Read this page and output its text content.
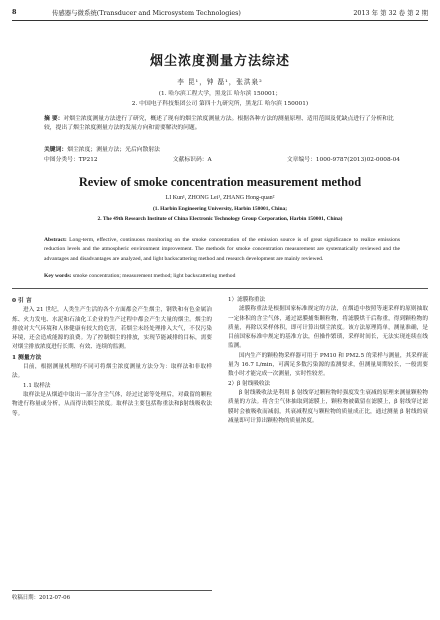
8	传感器与微系统(Transducer and Microsystem Technologies)	2013 年 第 32 卷 第 2 期
烟尘浓度测量方法综述
李 昆¹，钟 磊¹，张洪泉²
(1. 哈尔滨工程大学，黑龙江 哈尔滨 150001；
2. 中国电子科技集团公司 第四十九研究所，黑龙江 哈尔滨 150001)
摘 要：对烟尘浓度测量方法进行了研究，概述了现有的烟尘浓度测量方法。根据各种方法的测量原理、适用范围及优缺点进行了分析和比较，提出了烟尘浓度测量方法的发展方向和需要解决的问题。
关键词：烟尘浓度；测量方法；光后向散射法
中图分类号：TP212	文献标识码：A	文章编号：1000-9787(2013)02-0008-04
Review of smoke concentration measurement method
LI Kun¹, ZHONG Lei¹, ZHANG Hong-quan²
(1. Harbin Engineering University, Harbin 150001, China;
2. The 49th Research Institute of China Electronic Technology Group Corporation, Harbin 150001, China)
Abstract: Long-term, effective, continuous monitoring on the smoke concentration of the emission source is of great significance to realize emissions reduction levels and the atmospheric environment improvement. The methods for smoke concentration measurement are systematically reviewed and the advantages and disadvantages are analyzed, and light backscattering method and research development are mainly reviewed.
Key words: smoke concentration; measurement method; light backscattering method
0 引 言

进入 21 世纪，人类生产生活的各个方面都会产生烟尘，钢铁和有色金属冶炼、火力发电、水泥和石油化工企业的生产过程中都会产生大量的烟尘。烟尘的排放对大气环境和人体健康有较大的危害，若烟尘未经处理排入大气，不仅污染环境，还会造成能源的浪费。为了控制烟尘的排放，实现节能减排的目标，需要对烟尘排放浓度进行长期、有效、连续的监测。

1 测量方法

目前，根据测量机理的不同可将烟尘浓度测量方法分为：取样法和非取样法。

1.1 取样法

取样法是从烟道中取出一部分含尘气体，经过过滤等处理后，对截留的颗粒物进行称量或分析，从而得出烟尘浓度。取样法主要包括称重法和β射线吸收法等。

收稿日期：2012-07-06
1）滤膜称重法

滤膜称重法是根据国家标准规定的方法，在烟道中按照等速采样的原则抽取一定体积的含尘气体，通过滤膜捕集颗粒物，将滤膜烘干后称重，得到颗粒物的质量，再除以采样体积，即可计算出烟尘浓度。该方法原理简单，测量准确，是目前国家标准中规定的基准方法，但操作繁琐，采样时间长，无法实现连续在线监测。

国内生产的颗粒物采样器可用于 PM10 和 PM2.5 的采样与测量，其采样流量为 16.7 L/min，可满足多数污染源的监测要求，但测量周期较长，一般需要数小时才能完成一次测量，实时性较差。

2）β 射线吸收法

β 射线吸收法是利用 β 射线穿过颗粒物时强度发生衰减的原理来测量颗粒物质量的方法。将含尘气体抽取到滤膜上，颗粒物被截留在滤膜上，β 射线穿过滤膜时会被吸收而减弱，其衰减程度与颗粒物的质量成正比，通过测量 β 射线的衰减量即可计算出颗粒物的质量浓度。
